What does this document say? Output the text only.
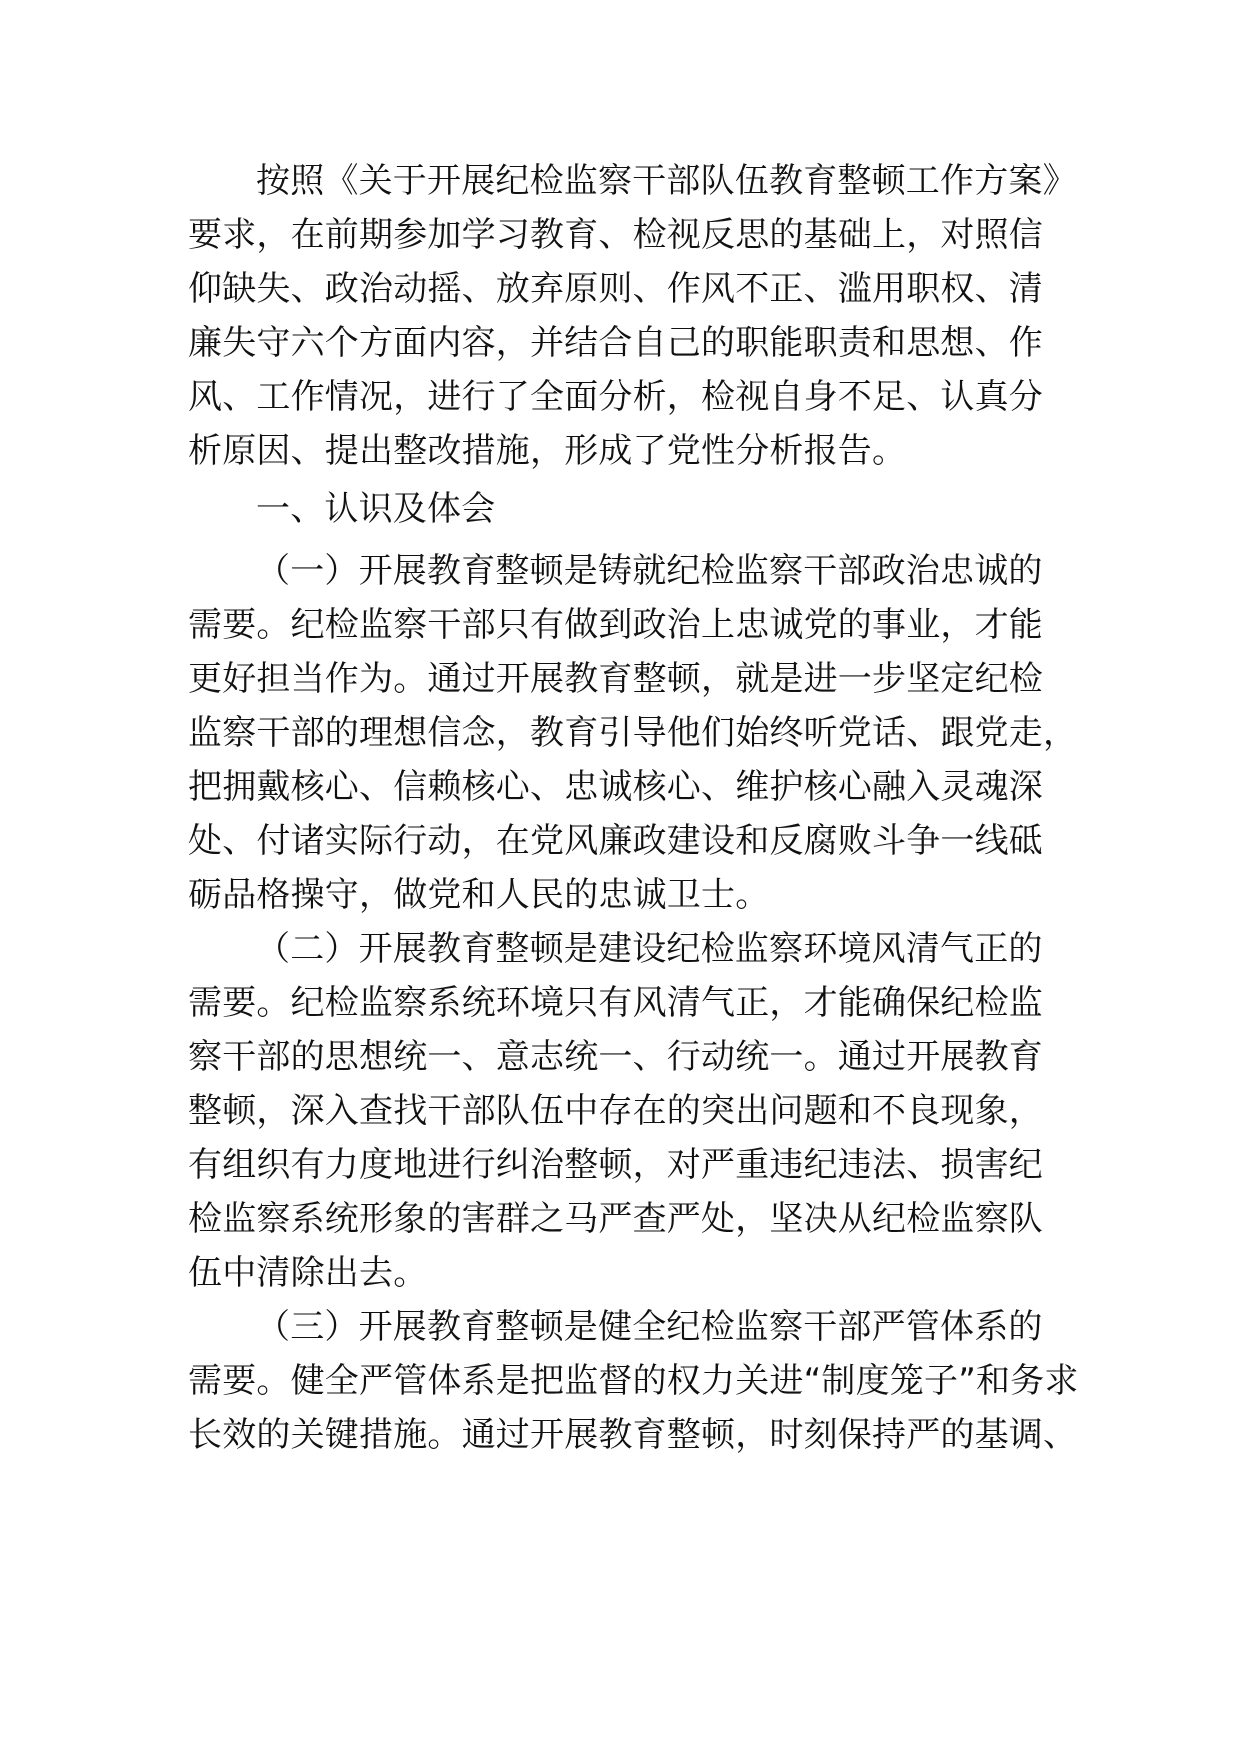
按照《关于开展纪检监察干部队伍教育整顿工作方案》
要求，在前期参加学习教育、检视反思的基础上，对照信
仰缺失、政治动摇、放弃原则、作风不正、滥用职权、清
廉失守六个方面内容，并结合自己的职能职责和思想、作
风、工作情况，进行了全面分析，检视自身不足、认真分
析原因、提出整改措施，形成了党性分析报告。
一、认识及体会
（一）开展教育整顿是铸就纪检监察干部政治忠诚的
需要。纪检监察干部只有做到政治上忠诚党的事业，才能
更好担当作为。通过开展教育整顿，就是进一步坚定纪检
监察干部的理想信念，教育引导他们始终听党话、跟党走，
把拥戴核心、信赖核心、忠诚核心、维护核心融入灵魂深
处、付诸实际行动，在党风廉政建设和反腐败斗争一线砥
砺品格操守，做党和人民的忠诚卫士。
（二）开展教育整顿是建设纪检监察环境风清气正的
需要。纪检监察系统环境只有风清气正，才能确保纪检监
察干部的思想统一、意志统一、行动统一。通过开展教育
整顿，深入查找干部队伍中存在的突出问题和不良现象，
有组织有力度地进行纠治整顿，对严重违纪违法、损害纪
检监察系统形象的害群之马严查严处，坚决从纪检监察队
伍中清除出去。
（三）开展教育整顿是健全纪检监察干部严管体系的
需要。健全严管体系是把监督的权力关进“制度笼子”和务求
长效的关键措施。通过开展教育整顿，时刻保持严的基调、
